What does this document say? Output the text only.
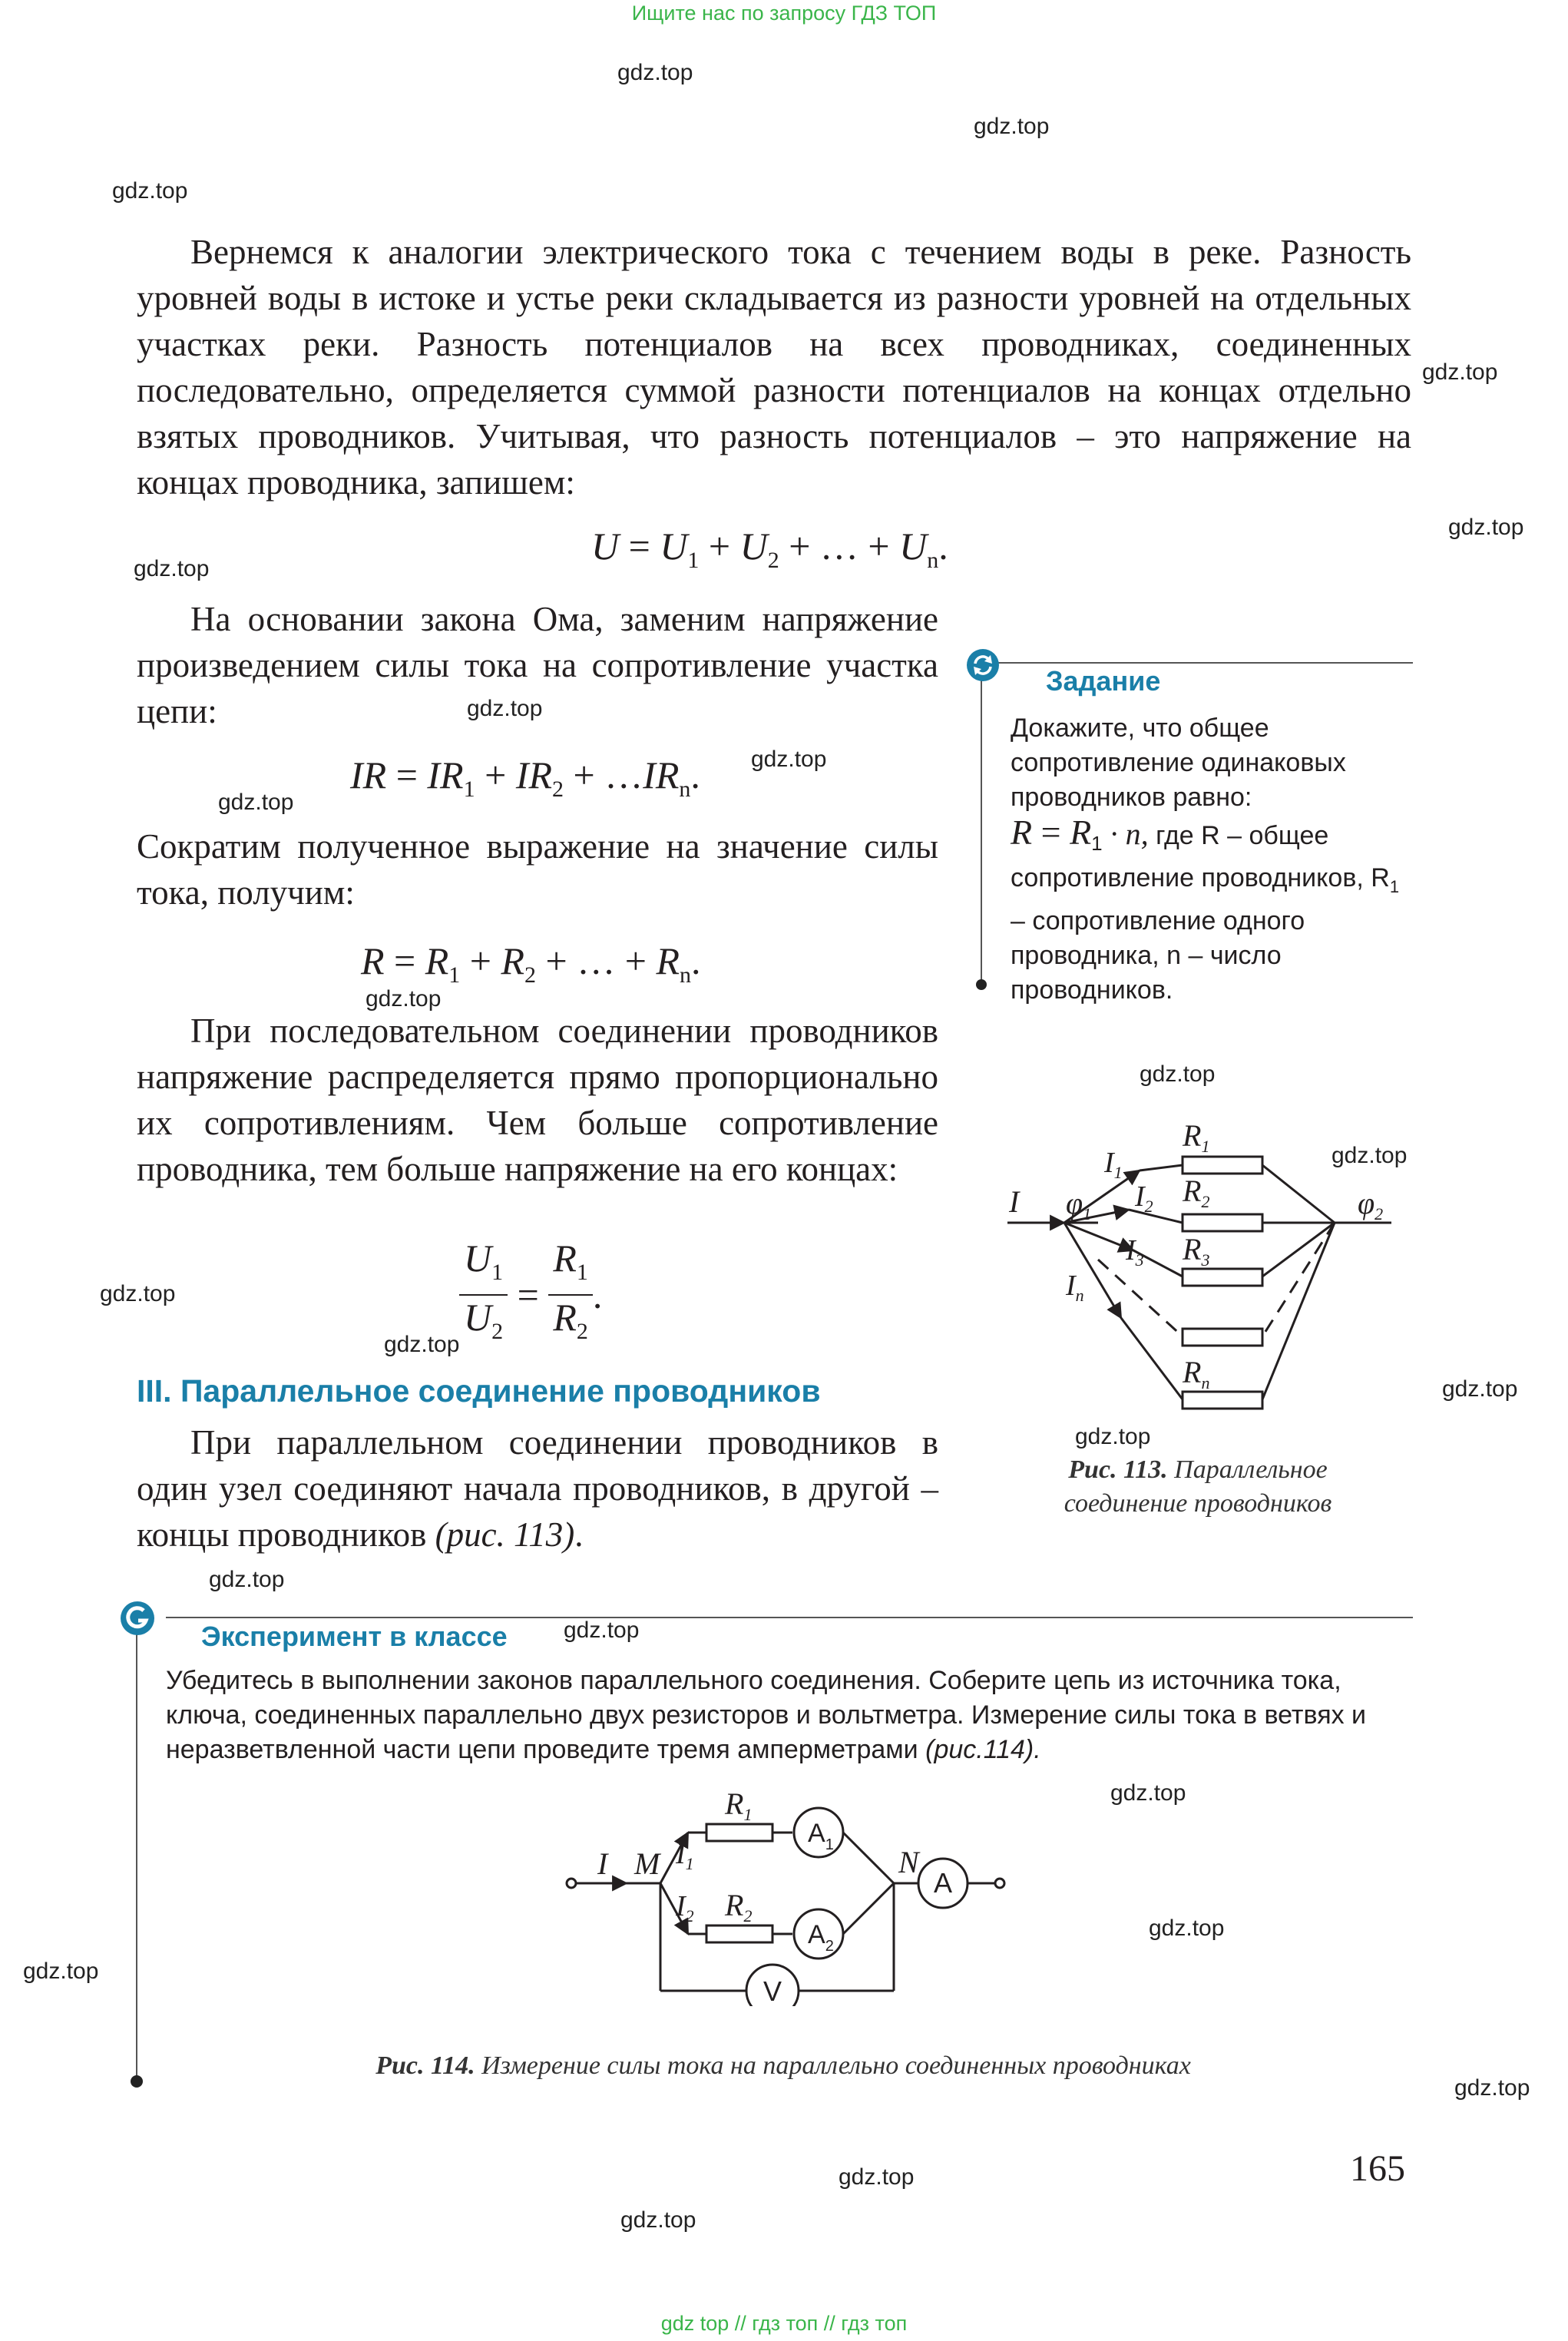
Ищите нас по запросу ГДЗ ТОП
gdz top // гдз топ // гдз топ
gdz.top
gdz.top
gdz.top
gdz.top
gdz.top
gdz.top
gdz.top
gdz.top
gdz.top
gdz.top
gdz.top
gdz.top
gdz.top
gdz.top
gdz.top
gdz.top
gdz.top
gdz.top
gdz.top
gdz.top
gdz.top
gdz.top
gdz.top
gdz.top
Вернемся к аналогии электрического тока с течением воды в реке. Разность уровней воды в истоке и устье реки складывается из разности уровней на отдельных участках реки. Разность потенциалов на всех проводниках, соединенных последовательно, определяется суммой разности потенциалов на концах отдельно взятых проводников. Учитывая, что разность потенциалов – это напряжение на концах проводника, запишем:
$U = U_1 + U_2$ + … + $U_n$.
На основании закона Ома, заменим напряжение произведением силы тока на сопротивление участка цепи:
IR = $IR_1 + IR_2$ + $\dots IR_n$.
Сократим полученное выражение на значение силы тока, получим:
$R = R_1 + R_2$ + … + $R_n$.
При последовательном соединении проводников напряжение распределяется прямо пропорционально их сопротивлениям. Чем больше сопротивление проводника, тем больше напряжение на его концах:
$\frac{U_1}{U_2} = \frac{R_1}{R_2}$ .
III. Параллельное соединение проводников
При параллельном соединении проводников в один узел соединяют начала проводников, в другой – концы проводников (рис. 113).
Задание
Докажите, что общее сопротивление одинаковых проводников равно:
$R = R_1 \cdot n$, где R – общее сопротивление проводников, $R_1$ – сопротивление одного проводника, n – число проводников.
I $\varphi_1$	$\varphi_2$
$I_1$
$I_2$
$I_3$
$I_n$
$R_1$
$R_2$
$R_3$
$R_n$
Рис. 113. Параллельное соединение проводников
Эксперимент в классе
Убедитесь в выполнении законов параллельного соединения. Соберите цепь из источника тока, ключа, соединенных параллельно двух резисторов и вольтметра. Измерение силы тока в ветвях и неразветвленной части цепи проведите тремя амперметрами (рис.114).
I M	N
$I_1$
$I_2$
$R_1$
$R_2$
$A_1$
$A_2$
A
V
Рис. 114. Измерение силы тока на параллельно соединенных проводниках
165
